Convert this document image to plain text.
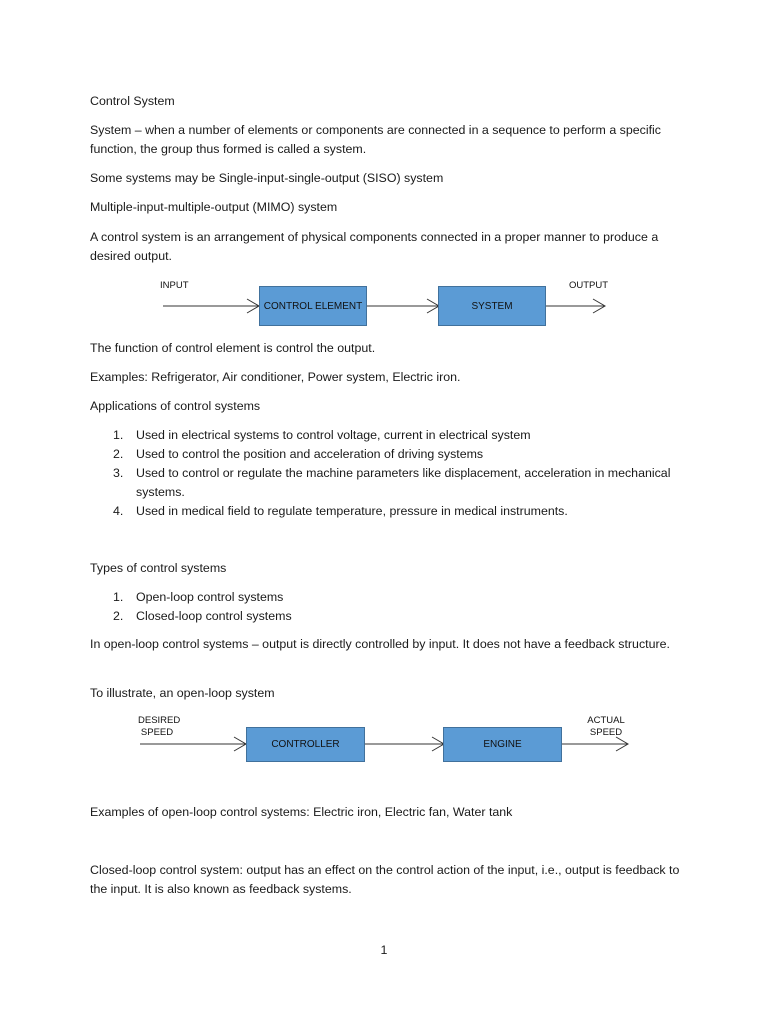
Control System

System – when a number of elements or components are connected in a sequence to perform a specific function, the group thus formed is called a system.

Some systems may be Single-input-single-output (SISO) system

Multiple-input-multiple-output (MIMO) system

A control system is an arrangement of physical components connected in a proper manner to produce a desired output.

INPUT
CONTROL ELEMENT	SYSTEM
OUTPUT

The function of control element is control the output.

Examples: Refrigerator, Air conditioner, Power system, Electric iron.

Applications of control systems

1. Used in electrical systems to control voltage, current in electrical system
2. Used to control the position and acceleration of driving systems
3. Used to control or regulate the machine parameters like displacement, acceleration in mechanical systems.
4. Used in medical field to regulate temperature, pressure in medical instruments.

Types of control systems

1. Open-loop control systems
2. Closed-loop control systems

In open-loop control systems – output is directly controlled by input. It does not have a feedback structure.

To illustrate, an open-loop system

DESIRED
SPEED
CONTROLLER	ENGINE
ACTUAL
SPEED

Examples of open-loop control systems: Electric iron, Electric fan, Water tank

Closed-loop control system: output has an effect on the control action of the input, i.e., output is feedback to the input. It is also known as feedback systems.

1
